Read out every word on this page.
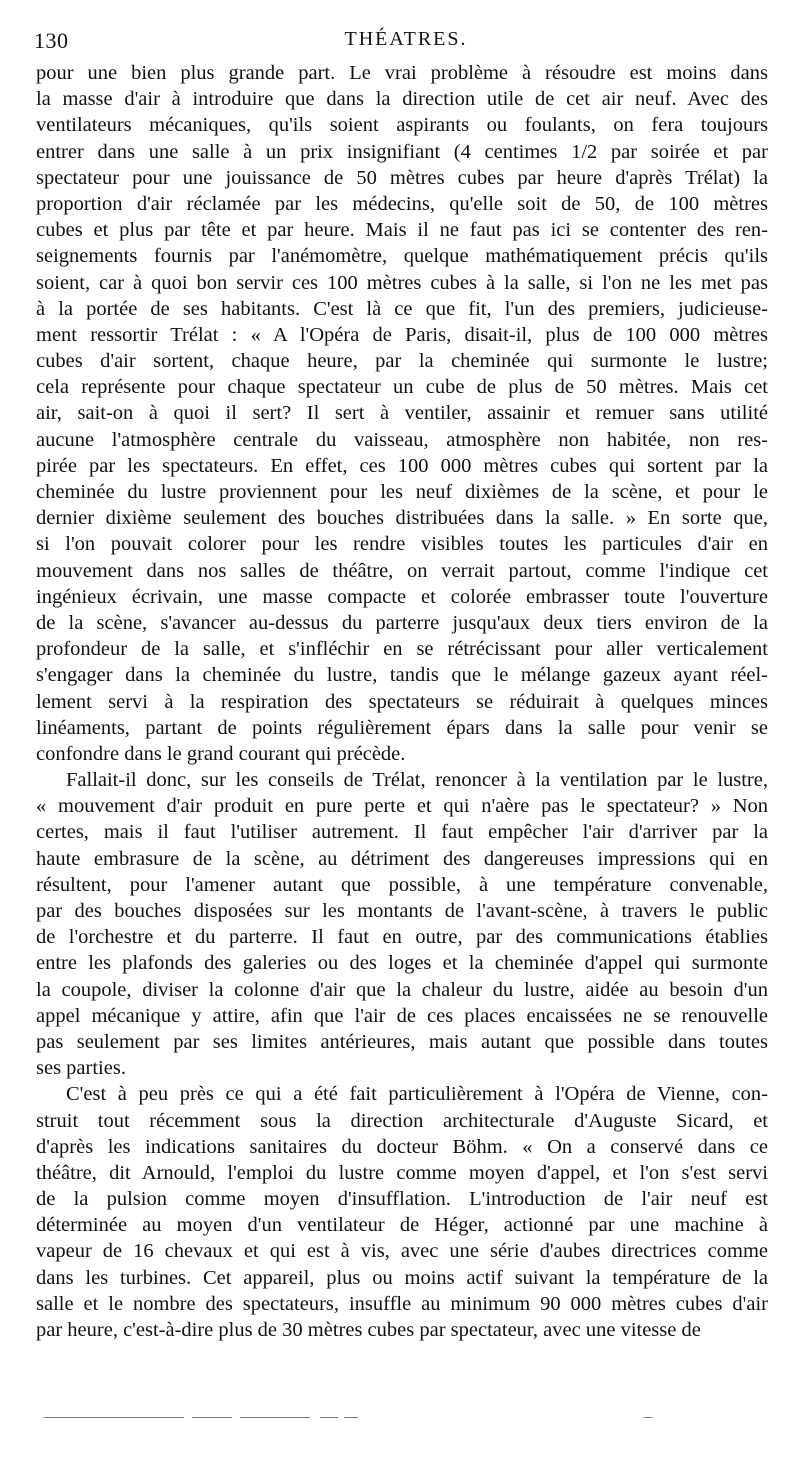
130	THÉATRES.
pour une bien plus grande part. Le vrai problème à résoudre est moins dans
la masse d'air à introduire que dans la direction utile de cet air neuf. Avec des
ventilateurs mécaniques, qu'ils soient aspirants ou foulants, on fera toujours
entrer dans une salle à un prix insignifiant (4 centimes 1/2 par soirée et par
spectateur pour une jouissance de 50 mètres cubes par heure d'après Trélat) la
proportion d'air réclamée par les médecins, qu'elle soit de 50, de 100 mètres
cubes et plus par tête et par heure. Mais il ne faut pas ici se contenter des ren-
seignements fournis par l'anémomètre, quelque mathématiquement précis qu'ils
soient, car à quoi bon servir ces 100 mètres cubes à la salle, si l'on ne les met pas
à la portée de ses habitants. C'est là ce que fit, l'un des premiers, judicieuse-
ment ressortir Trélat : « A l'Opéra de Paris, disait-il, plus de 100 000 mètres
cubes d'air sortent, chaque heure, par la cheminée qui surmonte le lustre;
cela représente pour chaque spectateur un cube de plus de 50 mètres. Mais cet
air, sait-on à quoi il sert? Il sert à ventiler, assainir et remuer sans utilité
aucune l'atmosphère centrale du vaisseau, atmosphère non habitée, non res-
pirée par les spectateurs. En effet, ces 100 000 mètres cubes qui sortent par la
cheminée du lustre proviennent pour les neuf dixièmes de la scène, et pour le
dernier dixième seulement des bouches distribuées dans la salle. » En sorte que,
si l'on pouvait colorer pour les rendre visibles toutes les particules d'air en
mouvement dans nos salles de théâtre, on verrait partout, comme l'indique cet
ingénieux écrivain, une masse compacte et colorée embrasser toute l'ouverture
de la scène, s'avancer au-dessus du parterre jusqu'aux deux tiers environ de la
profondeur de la salle, et s'infléchir en se rétrécissant pour aller verticalement
s'engager dans la cheminée du lustre, tandis que le mélange gazeux ayant réel-
lement servi à la respiration des spectateurs se réduirait à quelques minces
linéaments, partant de points régulièrement épars dans la salle pour venir se
confondre dans le grand courant qui précède.
Fallait-il donc, sur les conseils de Trélat, renoncer à la ventilation par le lustre,
« mouvement d'air produit en pure perte et qui n'aère pas le spectateur? » Non
certes, mais il faut l'utiliser autrement. Il faut empêcher l'air d'arriver par la
haute embrasure de la scène, au détriment des dangereuses impressions qui en
résultent, pour l'amener autant que possible, à une température convenable,
par des bouches disposées sur les montants de l'avant-scène, à travers le public
de l'orchestre et du parterre. Il faut en outre, par des communications établies
entre les plafonds des galeries ou des loges et la cheminée d'appel qui surmonte
la coupole, diviser la colonne d'air que la chaleur du lustre, aidée au besoin d'un
appel mécanique y attire, afin que l'air de ces places encaissées ne se renouvelle
pas seulement par ses limites antérieures, mais autant que possible dans toutes
ses parties.
C'est à peu près ce qui a été fait particulièrement à l'Opéra de Vienne, con-
struit tout récemment sous la direction architecturale d'Auguste Sicard, et
d'après les indications sanitaires du docteur Böhm. « On a conservé dans ce
théâtre, dit Arnould, l'emploi du lustre comme moyen d'appel, et l'on s'est servi
de la pulsion comme moyen d'insufflation. L'introduction de l'air neuf est
déterminée au moyen d'un ventilateur de Héger, actionné par une machine à
vapeur de 16 chevaux et qui est à vis, avec une série d'aubes directrices comme
dans les turbines. Cet appareil, plus ou moins actif suivant la température de la
salle et le nombre des spectateurs, insuffle au minimum 90 000 mètres cubes d'air
par heure, c'est-à-dire plus de 30 mètres cubes par spectateur, avec une vitesse de
